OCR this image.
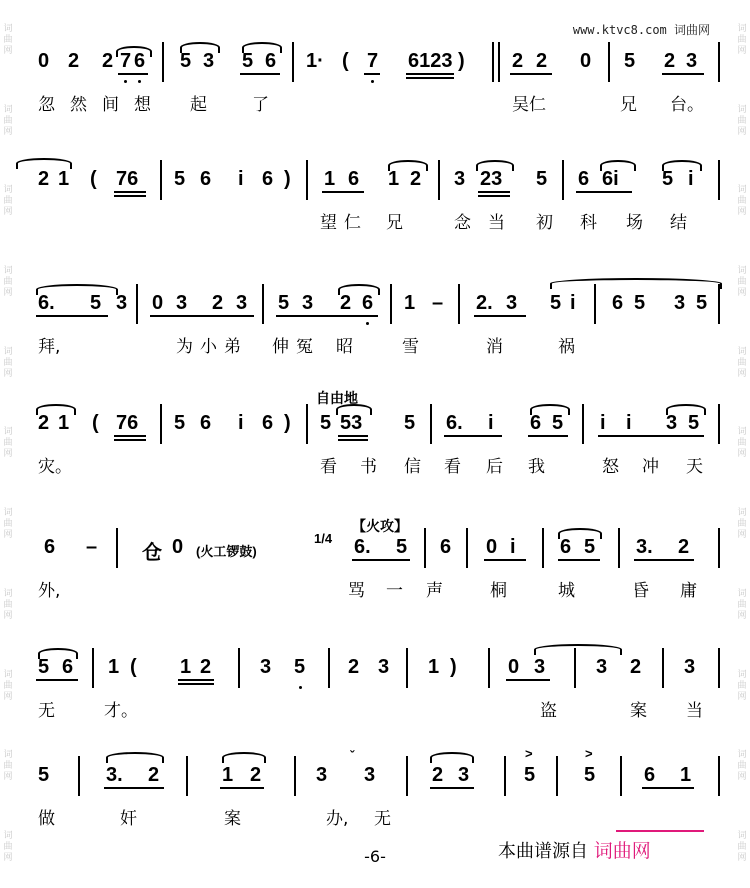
词
曲
网
词
曲
网
词
曲
网
词
曲
网
词
曲
网
词
曲
网
词
曲
网
词
曲
网
词
曲
网
词
曲
网
词
曲
网
词
曲
网
词
曲
网
词
曲
网
词
曲
网
词
曲
网
词
曲
网
词
曲
网
词
曲
网
词
曲
网
词
曲
网
词
曲
网
www.ktvc8.com 词曲网
0 2 2 7 6 5 3 5 6 1· ( 7 6123 ) 2 2 0 5 2 3
忽 然 间 想 起	了	吴仁	兄 台。
2 1 ( 76 5 6 i 6 ) 1 6 1 2 3 23 5 6 6i 5 i
望 仁 兄	念 当 初 科 场 结
6. 5 3 0 3 2 3 5 3 2 6 1 – 2. 3 5 i 6 5 3 5
拜,	为 小 弟 伸 冤 昭	雪	消	祸
自由地
2 1 ( 76 5 6 i 6 ) 5 53 5 6. i 6 5 i i 3 5
灾。	看 书 信 看 后 我	怒 冲 天
【火攻】
6 – 仓 0 (火工锣鼓)
1/4 6. 5 6 0 i 6 5 3. 2
外,	骂 一 声	桐	城	昏 庸
5 6 1 ( 1 2 3 5 2 3 1 )	0 3	3 2 3
无	才。	盗	案 当
5	3. 2	1 2	3 3
ˇ
2 3	5
>
5
>
6 1
做	奸	案	办, 无
本曲谱源自 词曲网
-6-
